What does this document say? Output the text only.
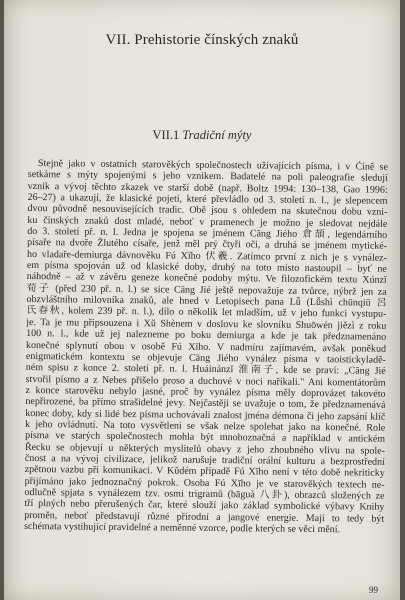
VII. Prehistorie čínských znaků
VII.1 Tradiční mýty
Stejně jako v ostatních starověkých společnostech užívajících písma, i v Číně se
setkáme s mýty spojenými s jeho vznikem. Badatelé na poli paleografie sledují
vznik a vývoj těchto zkazek ve starší době (např. Boltz 1994: 130–138, Gao 1996:
26–27) a ukazují, že klasické pojetí, které převládlo od 3. století n. l., je slepencem
dvou původně nesouvisejících tradic. Obě jsou s ohledem na skutečnou dobu vzni-
ku čínských znaků dost mladé, neboť v pramenech je možno je sledovat nejdále
do 3. století př. n. l. Jedna je spojena se jménem Cāng Jiého 倉頡, legendárního
písaře na dvoře Žlutého císaře, jenž měl prý čtyři oči, a druhá se jménem mytické-
ho vladaře-demiurga dávnověku Fú Xīho 伏羲. Zatímco první z nich je s vynález-
em písma spojován už od klasické doby, druhý na toto místo nastoupil – byť ne
náhodně – až v závěru geneze konečné podoby mýtu. Ve filozofickém textu Xúnzǐ
荀子 (před 230 př. n. l.) se sice Cāng Jié ještě nepovažuje za tvůrce, nýbrž jen za
obzvláštního milovníka znaků, ale hned v Letopisech pana Lǚ (Lǚshì chūnqiū 呂
氏春秋, kolem 239 př. n. l.), dílo o několik let mladším, už v jeho funkci vystupu-
je. Ta je mu připsouzena i Xǔ Shènem v doslovu ke slovníku Shuōwén jiězì z roku
100 n. l., kde už jej nalezneme po boku demiurga a kde je tak předznamenáno
konečné splynutí obou v osobě Fú Xīho. V nadmíru zajímavém, avšak poněkud
enigmatickém kontextu se objevuje Cāng Jiého vynález písma v taoistickyladě-
ném spisu z konce 2. století př. n. l. Huáinánzǐ 淮南子, kde se praví: „Cāng Jié
stvořil písmo a z Nebes přišelo proso a duchové v noci naříkali." Ani komentátorům
z konce starověku nebylo jasné, proč by vynález písma měly doprovázet takovéto
nepřirozené, ba přímo strašidelné jevy. Nejčastěji se uvažuje o tom, že předznamenává
konec doby, kdy si lidé bez písma uchovávali znalost jména démona či jeho zapsání klíč
k jeho ovládnutí. Na toto vysvětlení se však nelze spolehat jako na konečné. Role
písma ve starých společnostech mohla být mnohoznačná a například v antickém
Řecku se objevují u některých myslitelů obavy z jeho zhoubného vlivu na spole-
čnost a na vývoj civilizace, jelikož narušuje tradiční orální kulturu a bezprostřední
zpětnou vazbu při komunikaci. V Kǔdém případě Fú Xīho není v této době nekriticky
přijímáno jako jednoznačný pokrok. Osoba Fú Xīho je ve starověkých textech ne-
odlučně spjata s vynálezem tzv. osmi trigramů (bāguà 八卦), obrazců složených ze
tří plných nebo přerušených čar, které slouží jako základ symbolické výbavy Knihy
proměn, neboť představují různé přírodní a jangové energie. Mají to tedy být
schémata vystihující pravidelné a neměnné vzorce, podle kterých se věci mění.
99
